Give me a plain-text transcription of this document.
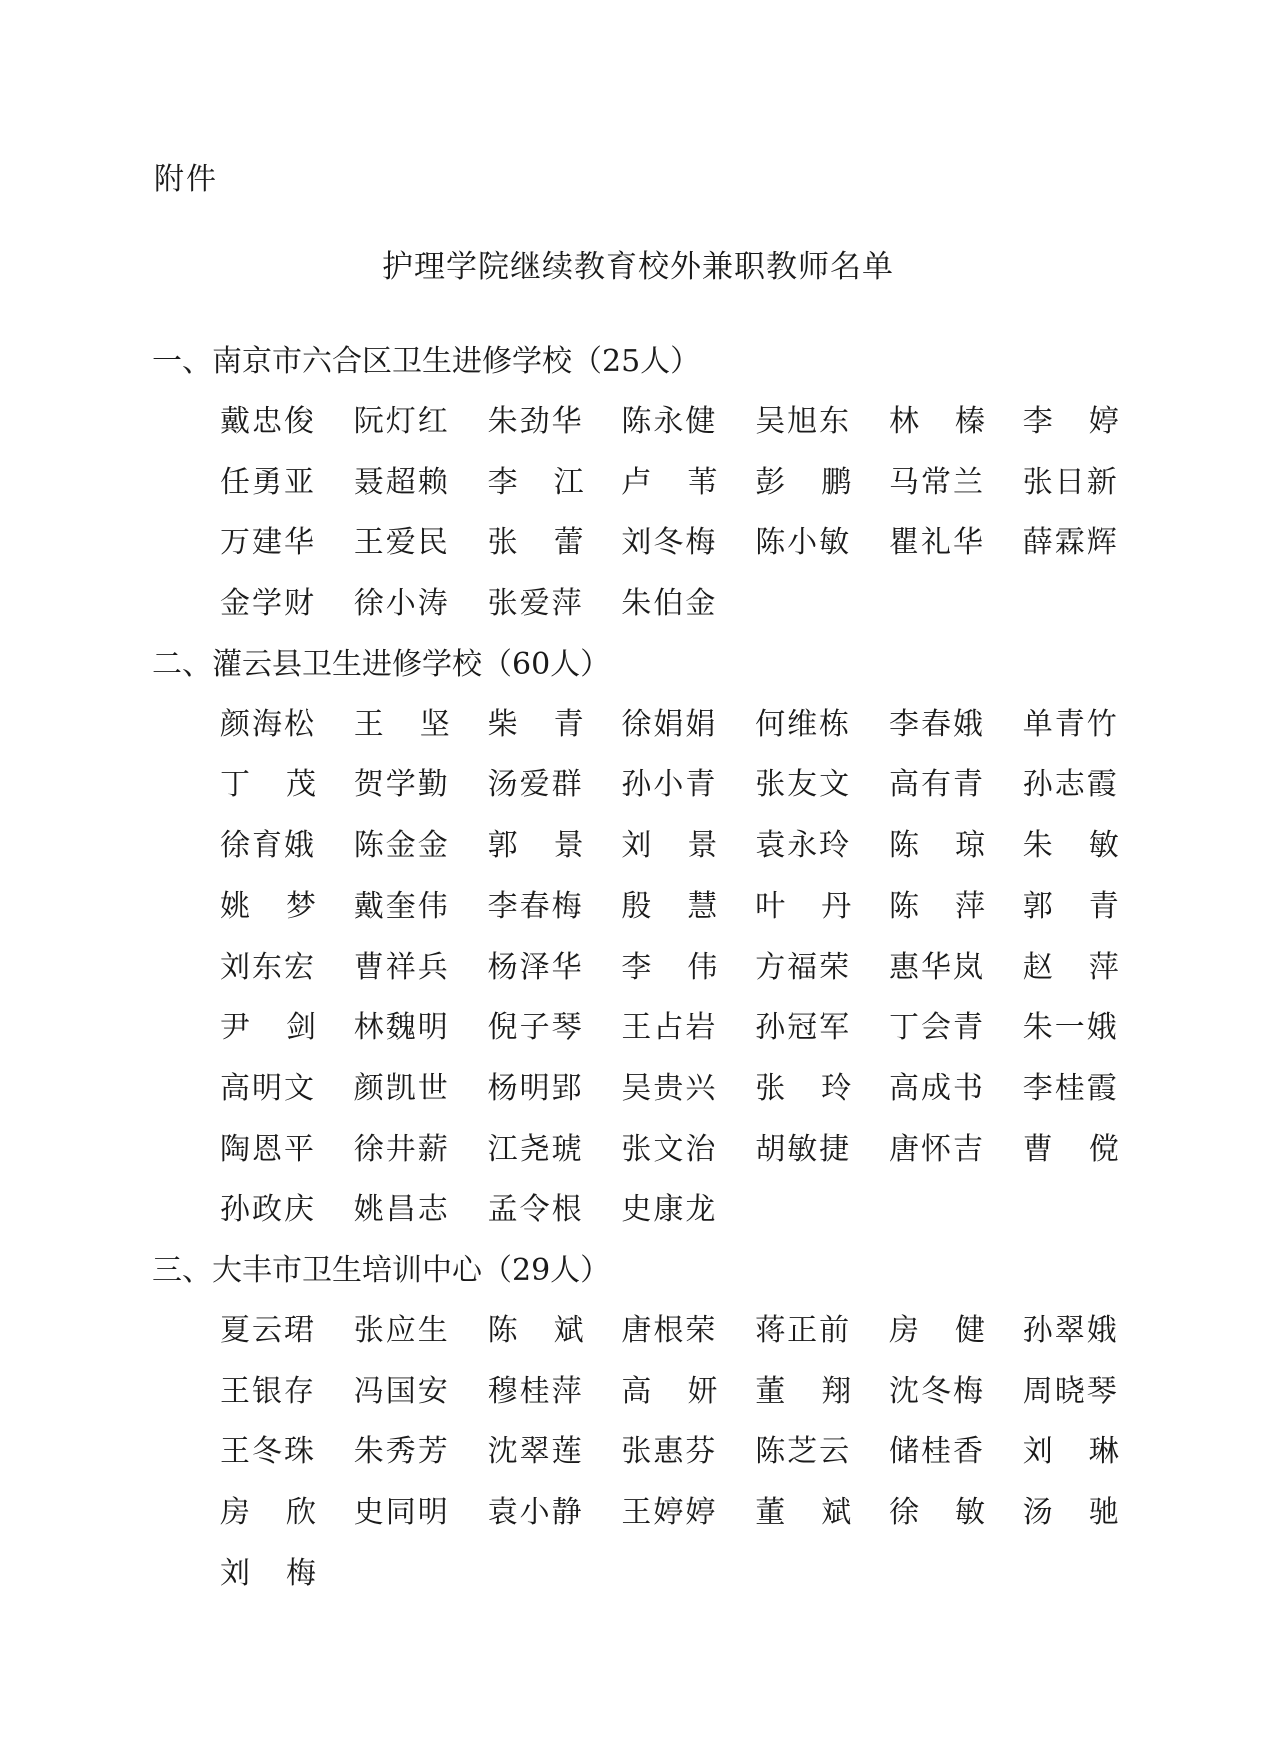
附件
护理学院继续教育校外兼职教师名单
一、南京市六合区卫生进修学校（25人）
戴忠俊 阮灯红 朱劲华 陈永健 吴旭东 林 榛 李 婷
任勇亚 聂超赖 李 江 卢 苇 彭 鹏 马常兰 张日新
万建华 王爱民 张 蕾 刘冬梅 陈小敏 瞿礼华 薛霖辉
金学财 徐小涛 张爱萍 朱伯金
二、灌云县卫生进修学校（60人）
颜海松 王 坚 柴 青 徐娟娟 何维栋 李春娥 单青竹
丁 茂 贺学勤 汤爱群 孙小青 张友文 高有青 孙志霞
徐育娥 陈金金 郭 景 刘 景 袁永玲 陈 琼 朱 敏
姚 梦 戴奎伟 李春梅 殷 慧 叶 丹 陈 萍 郭 青
刘东宏 曹祥兵 杨泽华 李 伟 方福荣 惠华岚 赵 萍
尹 剑 林魏明 倪子琴 王占岩 孙冠军 丁会青 朱一娥
高明文 颜凯世 杨明郢 吴贵兴 张 玲 高成书 李桂霞
陶恩平 徐井薪 江尧琥 张文治 胡敏捷 唐怀吉 曹 傥
孙政庆 姚昌志 孟令根 史康龙
三、大丰市卫生培训中心（29人）
夏云珺 张应生 陈 斌 唐根荣 蒋正前 房 健 孙翠娥
王银存 冯国安 穆桂萍 高 妍 董 翔 沈冬梅 周晓琴
王冬珠 朱秀芳 沈翠莲 张惠芬 陈芝云 储桂香 刘 琳
房 欣 史同明 袁小静 王婷婷 董 斌 徐 敏 汤 驰
刘 梅
